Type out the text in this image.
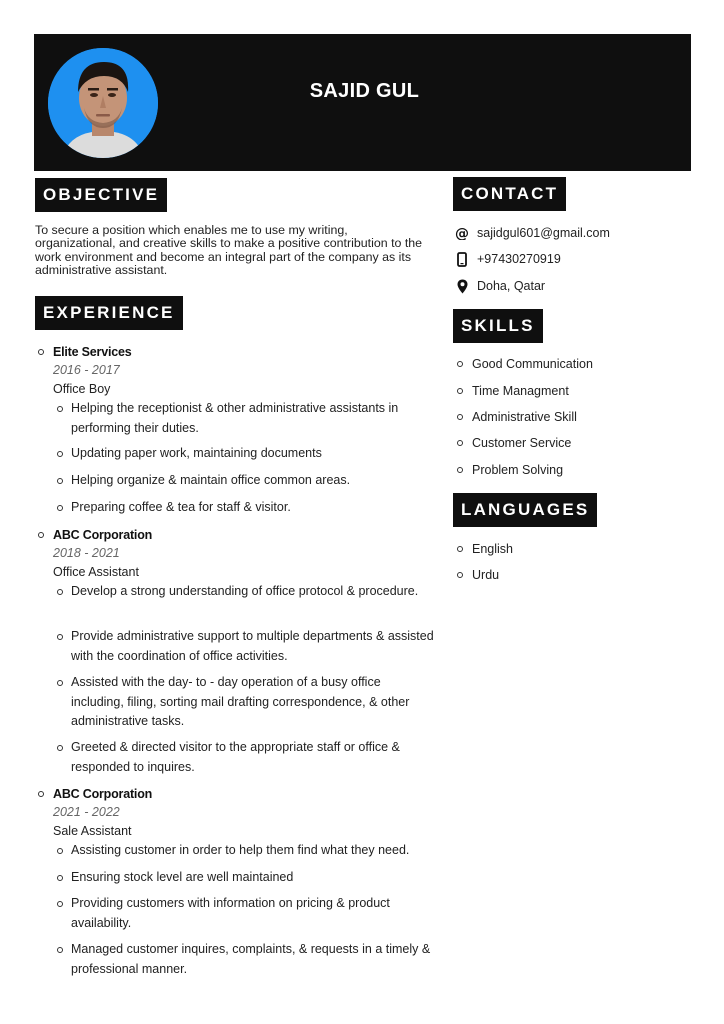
SAJID GUL
OBJECTIVE
To secure a position which enables me to use my writing, organizational, and creative skills to make a positive contribution to the work environment and become an integral part of the company as its administrative assistant.
EXPERIENCE
Elite Services
2016 - 2017
Office Boy
Helping the receptionist & other administrative assistants in performing their duties.
Updating paper work, maintaining documents
Helping organize & maintain office common areas.
Preparing coffee & tea for staff & visitor.
ABC Corporation
2018 - 2021
Office Assistant
Develop a strong understanding of office protocol & procedure.
Provide administrative support to multiple departments & assisted with the coordination of office activities.
Assisted with the day- to - day operation of a busy office including, filing, sorting mail drafting correspondence, & other administrative tasks.
Greeted & directed visitor to the appropriate staff or office & responded to inquires.
ABC Corporation
2021 - 2022
Sale Assistant
Assisting customer in order to help them find what they need.
Ensuring stock level are well maintained
Providing customers with information on pricing & product availability.
Managed customer inquires, complaints, & requests in a timely & professional manner.
CONTACT
@ sajidgul601@gmail.com
+97430270919
Doha, Qatar
SKILLS
Good Communication
Time Managment
Administrative Skill
Customer Service
Problem Solving
LANGUAGES
English
Urdu
